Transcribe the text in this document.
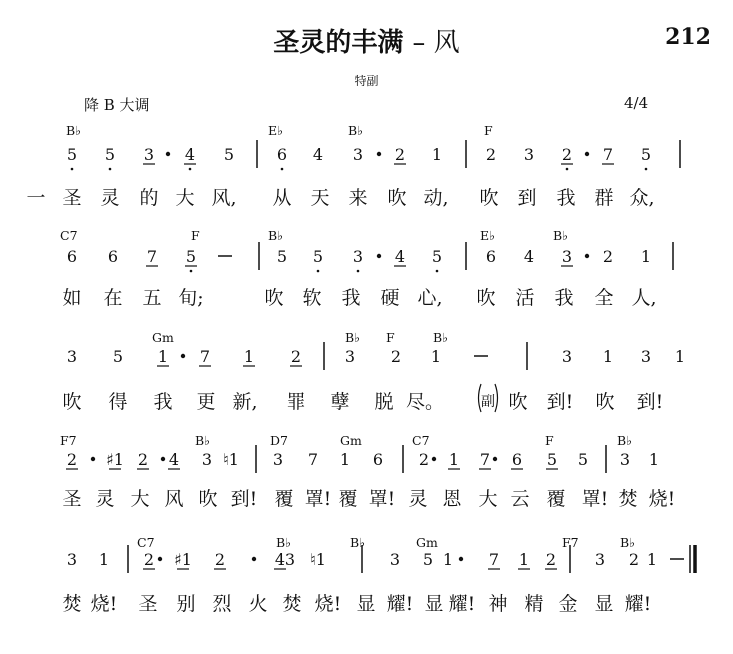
圣灵的丰满 – 风	212
特副
降 B 大调	4/4
B♭	E♭	B♭	F
5 5 3 4 5	6 4 3 2 1	2 3 2 7 5
一 圣 灵 的 大 风, 从 天 来 吹 动, 吹 到 我 群 众,
C7	F	B♭	E♭	B♭
6 6 7 5	5 5 3 4 5	6 4 3 2 1
如 在 五 旬;	吹 软 我 硬 心, 吹 活 我 全 人,
Gm	B♭ F	B♭
3 5 1 7 1 2	3 2 1	3 1 3 1
吹 得 我 更 新, 罪 孽 脱 尽。	副 吹 到! 吹 到!
F7	B♭	D7	Gm	C7	F	B♭
2 ♯1 2 4 3 ♮1 3 7 1 6 2 1 7 6 5 5 3 1
圣 灵 大 风 吹 到! 覆 罩! 覆 罩! 灵 恩 大 云 覆 罩! 焚 烧!
C7	B♭	B♭	Gm	F7	B♭
3 1 2 ♯1 2	4 3 ♮1	3 5 1 7 1 2 3 2 1
焚 烧! 圣 别 烈 火 焚 烧! 显 耀! 显 耀! 神 精 金 显 耀!
